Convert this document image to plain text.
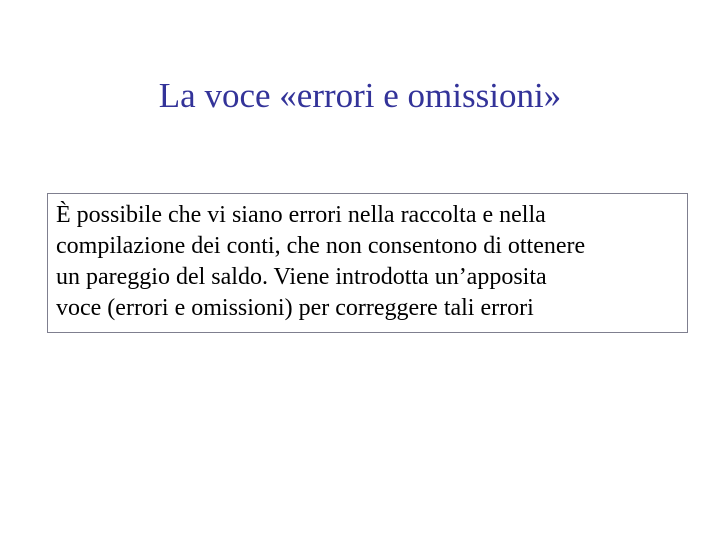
La voce «errori e omissioni»

È possibile che vi siano errori nella raccolta e nella
compilazione dei conti, che non consentono di ottenere
un pareggio del saldo. Viene introdotta un’apposita
voce (errori e omissioni) per correggere tali errori
